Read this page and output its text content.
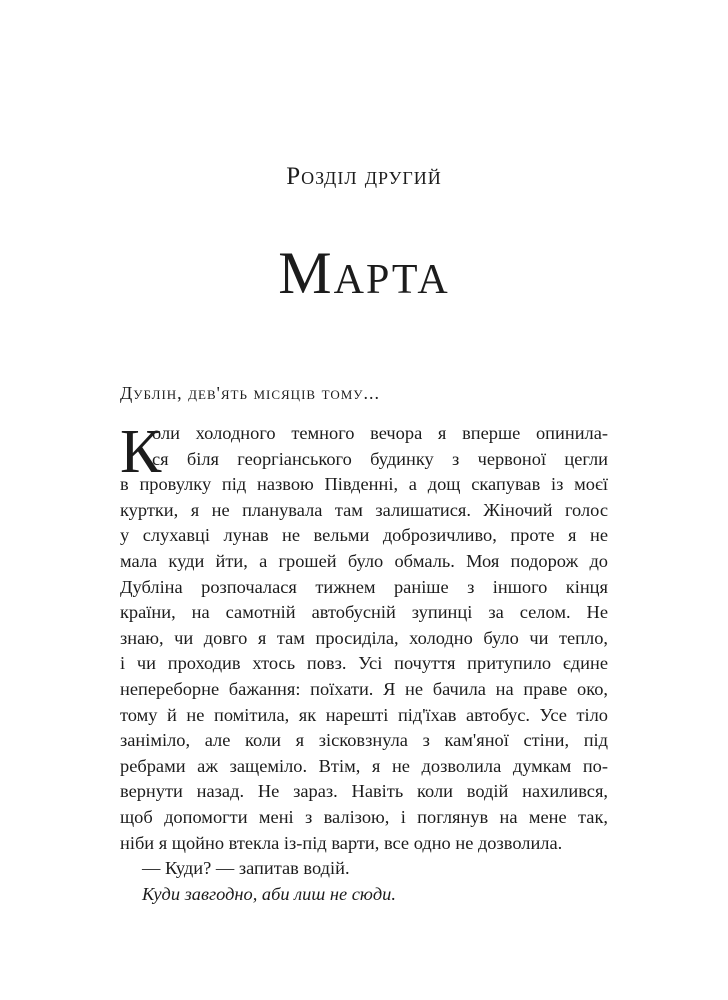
Розділ другий
Марта
Дублін, дев'ять місяців тому...
К
оли холодного темного вечора я вперше опинила-
ся біля георгіанського будинку з червоної цегли
в провулку під назвою Південні, а дощ скапував із моєї
куртки, я не планувала там залишатися. Жіночий голос
у слухавці лунав не вельми доброзичливо, проте я не
мала куди йти, а грошей було обмаль. Моя подорож до
Дубліна розпочалася тижнем раніше з іншого кінця
країни, на самотній автобусній зупинці за селом. Не
знаю, чи довго я там просиділа, холодно було чи тепло,
і чи проходив хтось повз. Усі почуття притупило єдине
непереборне бажання: поїхати. Я не бачила на праве око,
тому й не помітила, як нарешті під'їхав автобус. Усе тіло
заніміло, але коли я зісковзнула з кам'яної стіни, під
ребрами аж защеміло. Втім, я не дозволила думкам по-
вернути назад. Не зараз. Навіть коли водій нахилився,
щоб допомогти мені з валізою, і поглянув на мене так,
ніби я щойно втекла із-під варти, все одно не дозволила.
— Куди? — запитав водій.
Куди завгодно, аби лиш не сюди.
